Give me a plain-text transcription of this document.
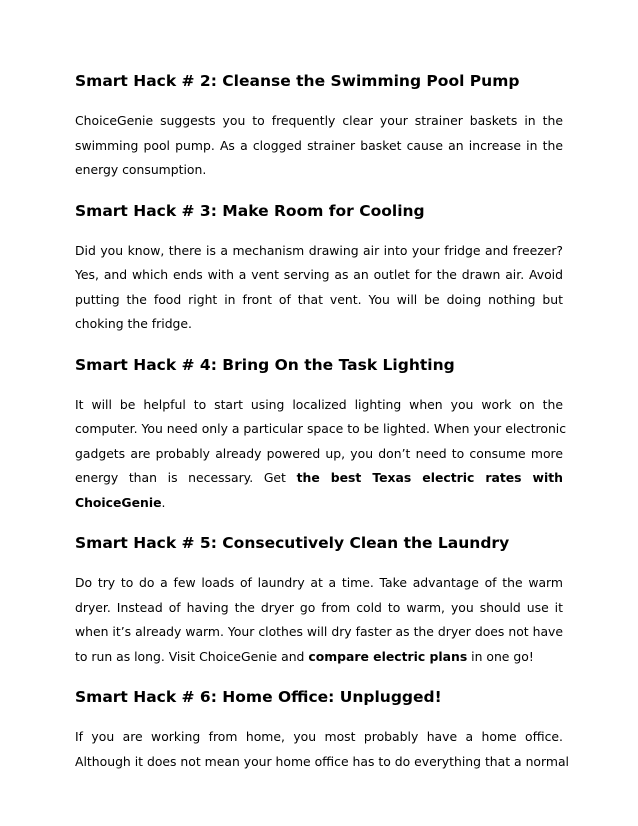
Smart Hack # 2: Cleanse the Swimming Pool Pump

ChoiceGenie suggests you to frequently clear your strainer baskets in the
swimming pool pump. As a clogged strainer basket cause an increase in the
energy consumption.

Smart Hack # 3: Make Room for Cooling

Did you know, there is a mechanism drawing air into your fridge and freezer?
Yes, and which ends with a vent serving as an outlet for the drawn air. Avoid
putting the food right in front of that vent. You will be doing nothing but
choking the fridge.

Smart Hack # 4: Bring On the Task Lighting

It will be helpful to start using localized lighting when you work on the
computer. You need only a particular space to be lighted. When your electronic
gadgets are probably already powered up, you don’t need to consume more
energy than is necessary. Get the best Texas electric rates with
ChoiceGenie.

Smart Hack # 5: Consecutively Clean the Laundry

Do try to do a few loads of laundry at a time. Take advantage of the warm
dryer. Instead of having the dryer go from cold to warm, you should use it
when it’s already warm. Your clothes will dry faster as the dryer does not have
to run as long. Visit ChoiceGenie and compare electric plans in one go!

Smart Hack # 6: Home Office: Unplugged!

If you are working from home, you most probably have a home office.
Although it does not mean your home office has to do everything that a normal
